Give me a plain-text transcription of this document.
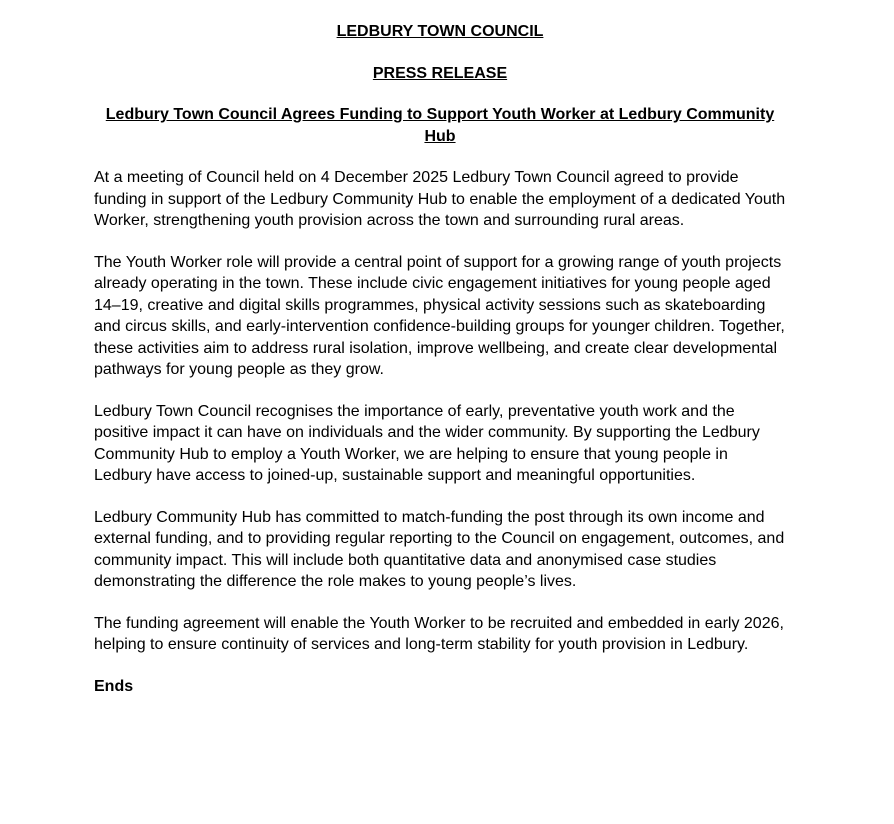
LEDBURY TOWN COUNCIL
PRESS RELEASE
Ledbury Town Council Agrees Funding to Support Youth Worker at Ledbury Community Hub

At a meeting of Council held on 4 December 2025 Ledbury Town Council agreed to provide funding in support of the Ledbury Community Hub to enable the employment of a dedicated Youth Worker, strengthening youth provision across the town and surrounding rural areas.

The Youth Worker role will provide a central point of support for a growing range of youth projects already operating in the town. These include civic engagement initiatives for young people aged 14–19, creative and digital skills programmes, physical activity sessions such as skateboarding and circus skills, and early-intervention confidence-building groups for younger children. Together, these activities aim to address rural isolation, improve wellbeing, and create clear developmental pathways for young people as they grow.

Ledbury Town Council recognises the importance of early, preventative youth work and the positive impact it can have on individuals and the wider community. By supporting the Ledbury Community Hub to employ a Youth Worker, we are helping to ensure that young people in Ledbury have access to joined-up, sustainable support and meaningful opportunities.

Ledbury Community Hub has committed to match-funding the post through its own income and external funding, and to providing regular reporting to the Council on engagement, outcomes, and community impact. This will include both quantitative data and anonymised case studies demonstrating the difference the role makes to young people’s lives.

The funding agreement will enable the Youth Worker to be recruited and embedded in early 2026, helping to ensure continuity of services and long-term stability for youth provision in Ledbury.

Ends
